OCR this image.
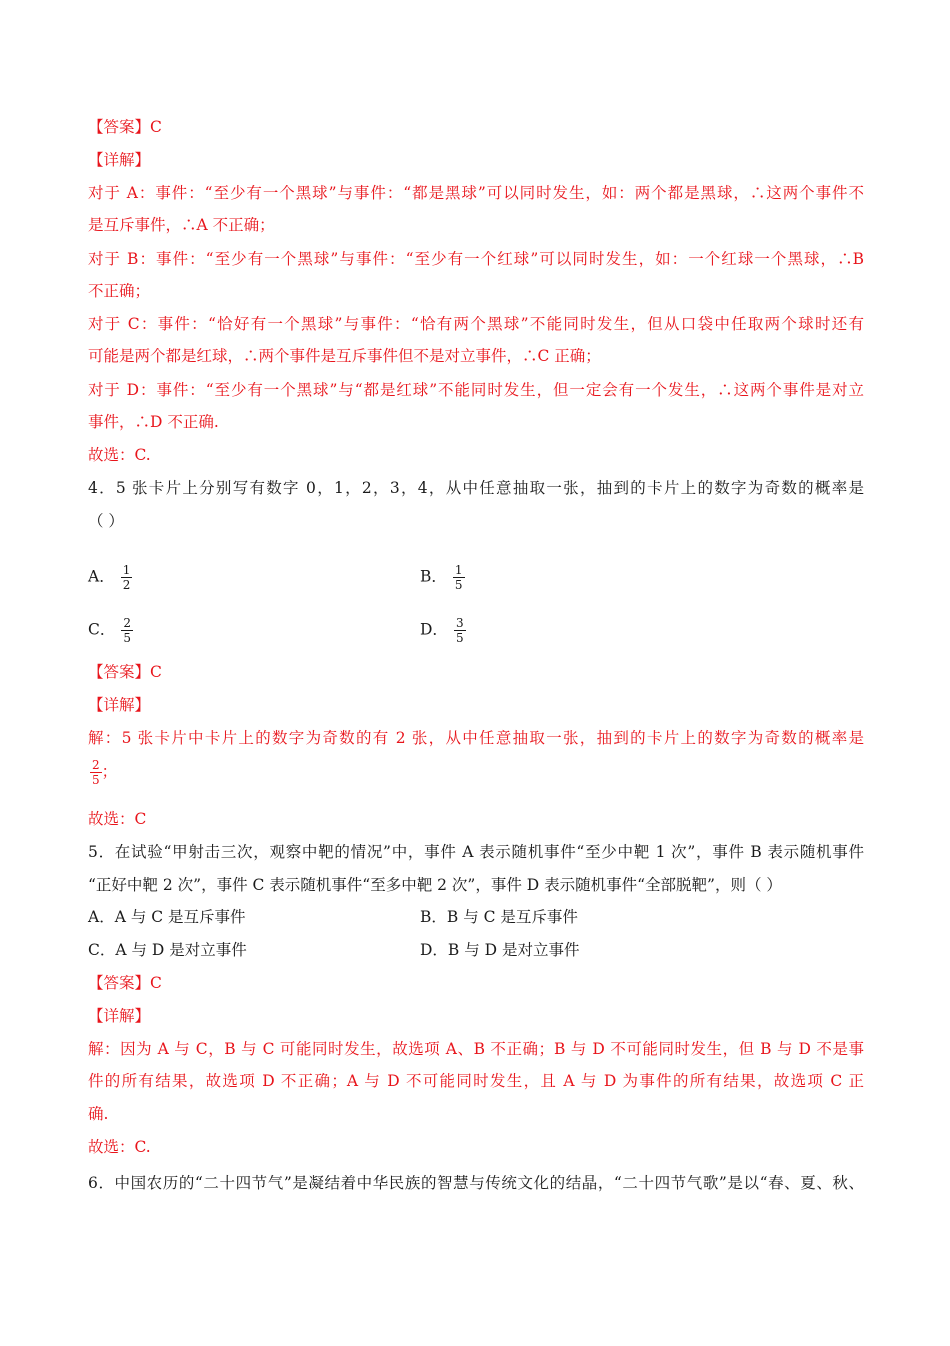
【答案】C
【详解】
对于 A：事件：“至少有一个黑球”与事件：“都是黑球”可以同时发生，如：两个都是黑球，∴这两个事件不
是互斥事件，∴A 不正确；
对于 B：事件：“至少有一个黑球”与事件：“至少有一个红球”可以同时发生，如：一个红球一个黑球，∴B
不正确；
对于 C：事件：“恰好有一个黑球”与事件：“恰有两个黑球”不能同时发生，但从口袋中任取两个球时还有
可能是两个都是红球，∴两个事件是互斥事件但不是对立事件，∴C 正确；
对于 D：事件：“至少有一个黑球”与“都是红球”不能同时发生，但一定会有一个发生，∴这两个事件是对立
事件，∴D 不正确.
故选：C.
4．5 张卡片上分别写有数字 0，1，2，3，4，从中任意抽取一张，抽到的卡片上的数字为奇数的概率是
（ ）
A． $\frac{1}{2}$	B． $\frac{1}{5}$
C． $\frac{2}{5}$	D． $\frac{3}{5}$
【答案】C
【详解】
解：5 张卡片中卡片上的数字为奇数的有 2 张，从中任意抽取一张，抽到的卡片上的数字为奇数的概率是
$\frac{2}{5}$ ；
故选：C
5．在试验“甲射击三次，观察中靶的情况”中，事件 A 表示随机事件“至少中靶 1 次”，事件 B 表示随机事件
“正好中靶 2 次”，事件 C 表示随机事件“至多中靶 2 次”，事件 D 表示随机事件“全部脱靶”，则（ ）
A．A 与 C 是互斥事件	B．B 与 C 是互斥事件
C．A 与 D 是对立事件	D．B 与 D 是对立事件
【答案】C
【详解】
解：因为 A 与 C，B 与 C 可能同时发生，故选项 A、B 不正确；B 与 D 不可能同时发生，但 B 与 D 不是事
件的所有结果，故选项 D 不正确；A 与 D 不可能同时发生，且 A 与 D 为事件的所有结果，故选项 C 正
确.
故选：C.
6．中国农历的“二十四节气”是凝结着中华民族的智慧与传统文化的结晶，“二十四节气歌”是以“春、夏、秋、
